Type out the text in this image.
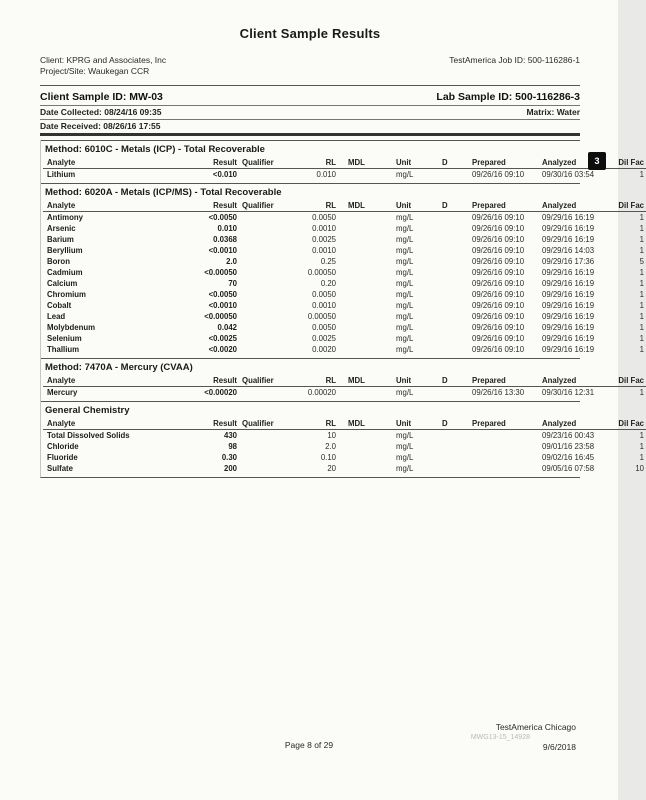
Client Sample Results
Client: KPRG and Associates, Inc
Project/Site: Waukegan CCR
TestAmerica Job ID: 500-116286-1
Client Sample ID: MW-03	Lab Sample ID: 500-116286-3
Date Collected: 08/24/16 09:35	Matrix: Water
Date Received: 08/26/16 17:55
Method: 6010C - Metals (ICP) - Total Recoverable
Analyte	Result	Qualifier	RL	MDL	Unit	D	Prepared	Analyzed	Dil Fac
Lithium	<0.010		0.010		mg/L		09/26/16 09:10	09/30/16 03:54	1
Method: 6020A - Metals (ICP/MS) - Total Recoverable
Analyte	Result	Qualifier	RL	MDL	Unit	D	Prepared	Analyzed	Dil Fac
Antimony	<0.0050		0.0050		mg/L		09/26/16 09:10	09/29/16 16:19	1
Arsenic	0.010		0.0010		mg/L		09/26/16 09:10	09/29/16 16:19	1
Barium	0.0368		0.0025		mg/L		09/26/16 09:10	09/29/16 16:19	1
Beryllium	<0.0010		0.0010		mg/L		09/26/16 09:10	09/29/16 14:03	1
Boron	2.0		0.25		mg/L		09/26/16 09:10	09/29/16 17:36	5
Cadmium	<0.00050		0.00050		mg/L		09/26/16 09:10	09/29/16 16:19	1
Calcium	70		0.20		mg/L		09/26/16 09:10	09/29/16 16:19	1
Chromium	<0.0050		0.0050		mg/L		09/26/16 09:10	09/29/16 16:19	1
Cobalt	<0.0010		0.0010		mg/L		09/26/16 09:10	09/29/16 16:19	1
Lead	<0.00050		0.00050		mg/L		09/26/16 09:10	09/29/16 16:19	1
Molybdenum	0.042		0.0050		mg/L		09/26/16 09:10	09/29/16 16:19	1
Selenium	<0.0025		0.0025		mg/L		09/26/16 09:10	09/29/16 16:19	1
Thallium	<0.0020		0.0020		mg/L		09/26/16 09:10	09/29/16 16:19	1
Method: 7470A - Mercury (CVAA)
Analyte	Result	Qualifier	RL	MDL	Unit	D	Prepared	Analyzed	Dil Fac
Mercury	<0.00020		0.00020		mg/L		09/26/16 13:30	09/30/16 12:31	1
General Chemistry
Analyte	Result	Qualifier	RL	MDL	Unit	D	Prepared	Analyzed	Dil Fac
Total Dissolved Solids	430		10		mg/L			09/23/16 00:43	1
Chloride	98		2.0		mg/L			09/01/16 23:58	1
Fluoride	0.30		0.10		mg/L			09/02/16 16:45	1
Sulfate	200		20		mg/L			09/05/16 07:58	10
3
TestAmerica Chicago
MWG13-15_14928
Page 8 of 29	9/6/2018
